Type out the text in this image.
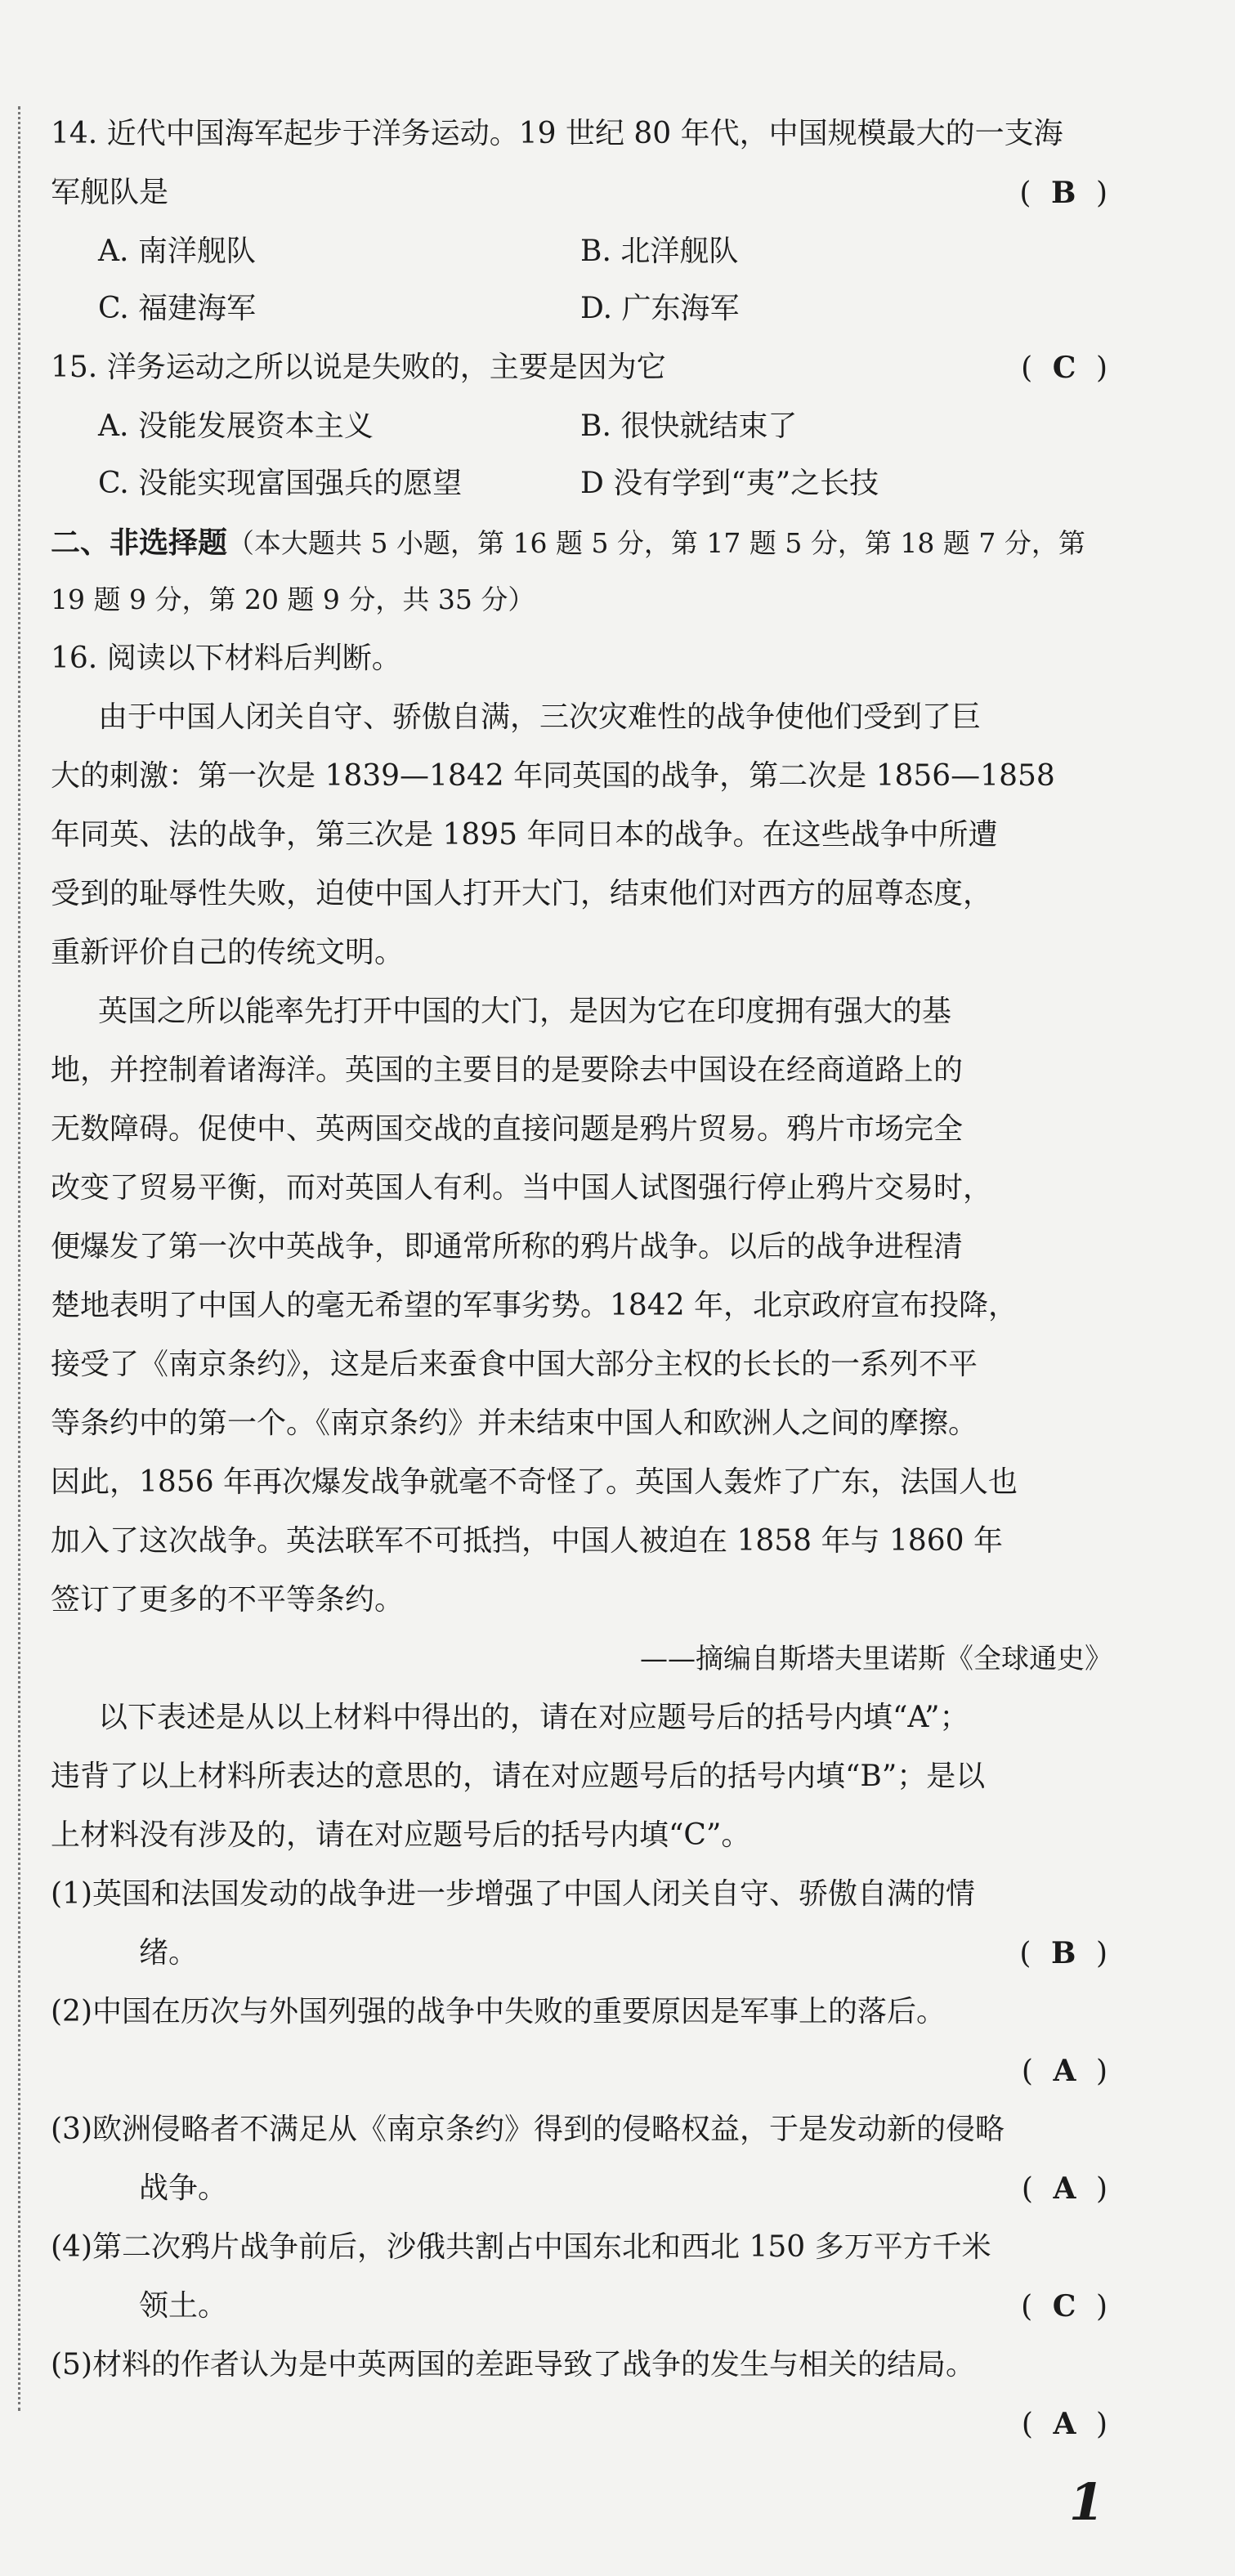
14. 近代中国海军起步于洋务运动。19 世纪 80 年代，中国规模最大的一支海
军舰队是	( B )
A. 南洋舰队	B. 北洋舰队
C. 福建海军	D. 广东海军
15. 洋务运动之所以说是失败的，主要是因为它	( C )
A. 没能发展资本主义	B. 很快就结束了
C. 没能实现富国强兵的愿望	D 没有学到“夷”之长技
二、非选择题（本大题共 5 小题，第 16 题 5 分，第 17 题 5 分，第 18 题 7 分，第
19 题 9 分，第 20 题 9 分，共 35 分）
16. 阅读以下材料后判断。
由于中国人闭关自守、骄傲自满，三次灾难性的战争使他们受到了巨
大的刺激：第一次是 1839—1842 年同英国的战争，第二次是 1856—1858
年同英、法的战争，第三次是 1895 年同日本的战争。在这些战争中所遭
受到的耻辱性失败，迫使中国人打开大门，结束他们对西方的屈尊态度，
重新评价自己的传统文明。
英国之所以能率先打开中国的大门，是因为它在印度拥有强大的基
地，并控制着诸海洋。英国的主要目的是要除去中国设在经商道路上的
无数障碍。促使中、英两国交战的直接问题是鸦片贸易。鸦片市场完全
改变了贸易平衡，而对英国人有利。当中国人试图强行停止鸦片交易时，
便爆发了第一次中英战争，即通常所称的鸦片战争。以后的战争进程清
楚地表明了中国人的毫无希望的军事劣势。1842 年，北京政府宣布投降，
接受了《南京条约》，这是后来蚕食中国大部分主权的长长的一系列不平
等条约中的第一个。《南京条约》并未结束中国人和欧洲人之间的摩擦。
因此，1856 年再次爆发战争就毫不奇怪了。英国人轰炸了广东，法国人也
加入了这次战争。英法联军不可抵挡，中国人被迫在 1858 年与 1860 年
签订了更多的不平等条约。
——摘编自斯塔夫里诺斯《全球通史》
以下表述是从以上材料中得出的，请在对应题号后的括号内填“A”；
违背了以上材料所表达的意思的，请在对应题号后的括号内填“B”；是以
上材料没有涉及的，请在对应题号后的括号内填“C”。
(1)英国和法国发动的战争进一步增强了中国人闭关自守、骄傲自满的情
绪。	( B )
(2)中国在历次与外国列强的战争中失败的重要原因是军事上的落后。
( A )
(3)欧洲侵略者不满足从《南京条约》得到的侵略权益，于是发动新的侵略
战争。	( A )
(4)第二次鸦片战争前后，沙俄共割占中国东北和西北 150 多万平方千米
领土。	( C )
(5)材料的作者认为是中英两国的差距导致了战争的发生与相关的结局。
( A )
1
